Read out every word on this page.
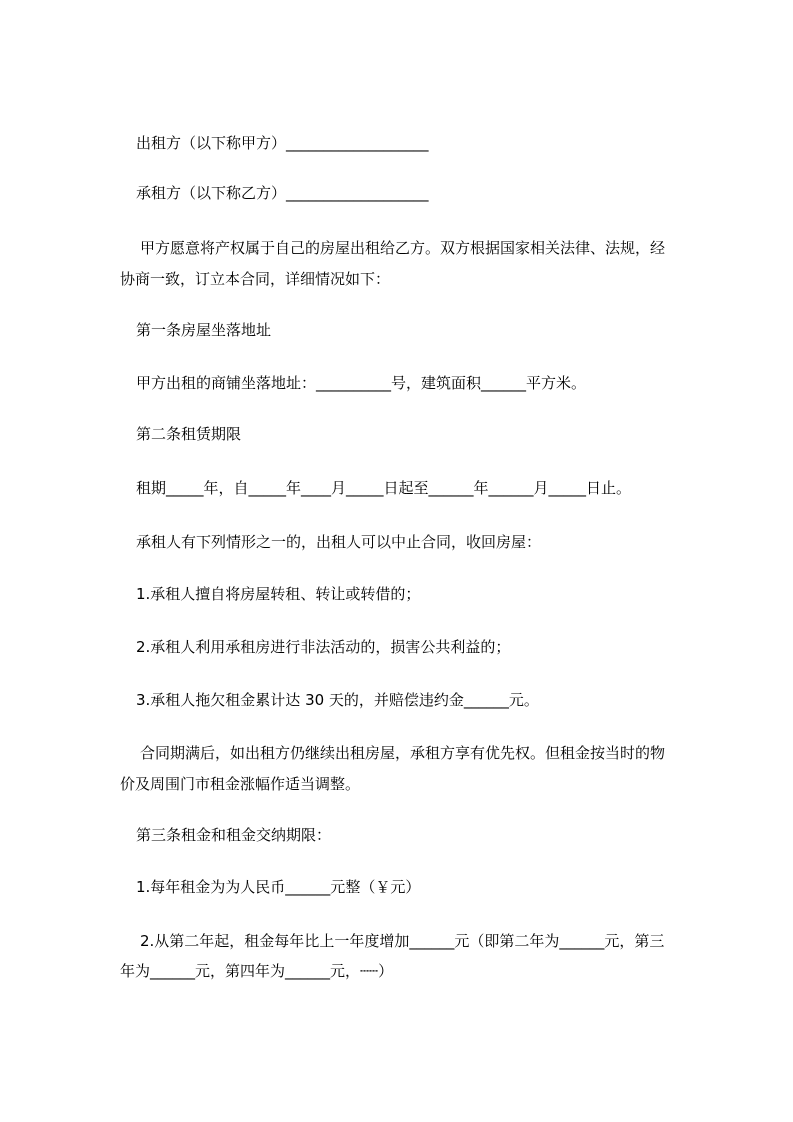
出租方（以下称甲方）___________________
承租方（以下称乙方）___________________
甲方愿意将产权属于自己的房屋出租给乙方。双方根据国家相关法律、法规，经
协商一致，订立本合同，详细情况如下：
第一条房屋坐落地址
甲方出租的商铺坐落地址：__________号，建筑面积______平方米。
第二条租赁期限
租期_____年，自_____年____月_____日起至______年______月_____日止。
承租人有下列情形之一的，出租人可以中止合同，收回房屋：
1.承租人擅自将房屋转租、转让或转借的；
2.承租人利用承租房进行非法活动的，损害公共利益的；
3.承租人拖欠租金累计达 30 天的，并赔偿违约金______元。
合同期满后，如出租方仍继续出租房屋，承租方享有优先权。但租金按当时的物
价及周围门市租金涨幅作适当调整。
第三条租金和租金交纳期限：
1.每年租金为为人民币______元整（￥元）
2.从第二年起，租金每年比上一年度增加______元（即第二年为______元，第三
年为______元，第四年为______元，┄┄）
